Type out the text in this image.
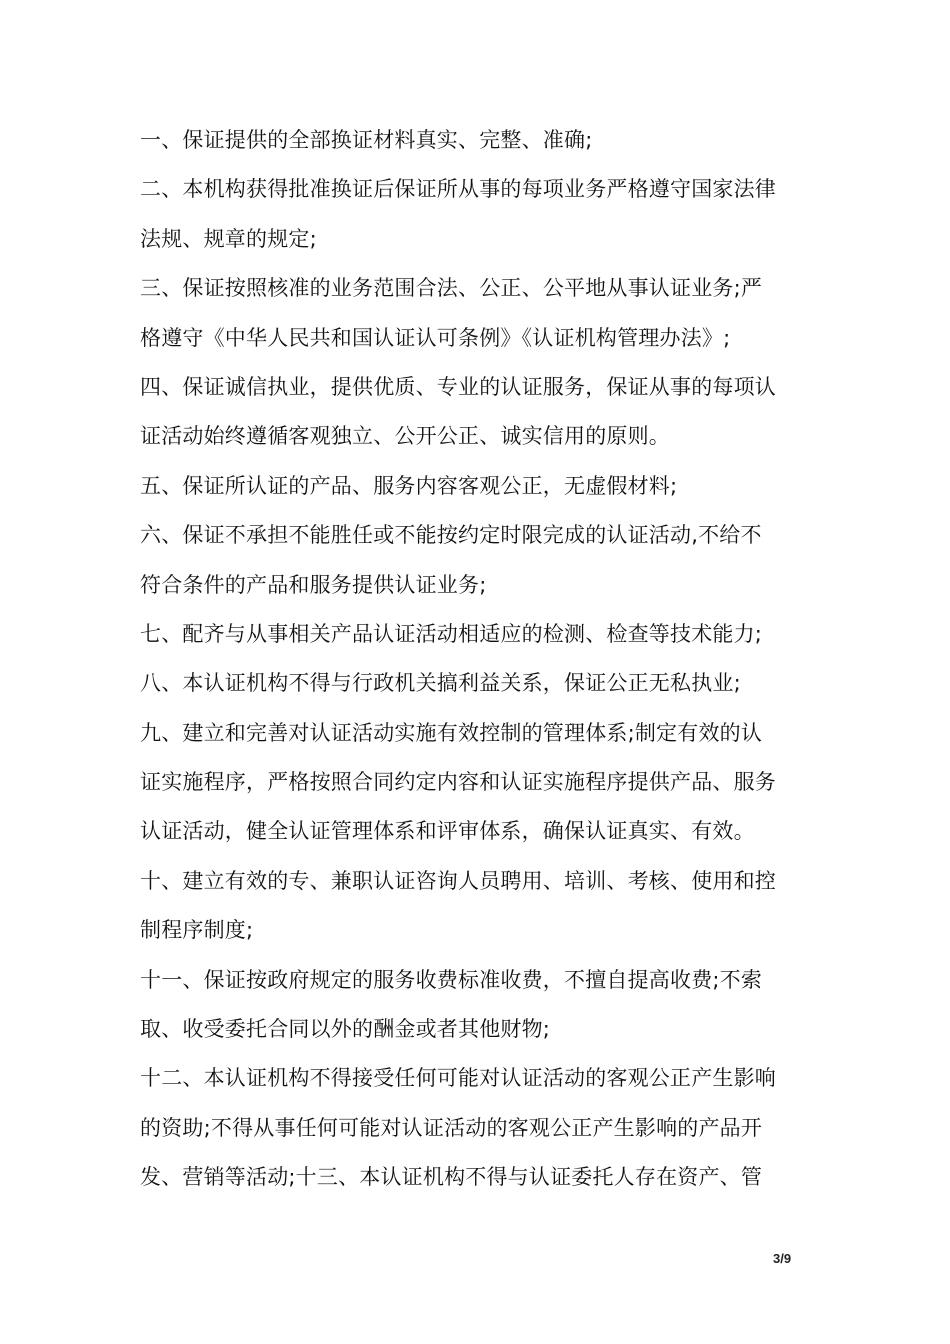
一、保证提供的全部换证材料真实、完整、准确;
二、本机构获得批准换证后保证所从事的每项业务严格遵守国家法律
法规、规章的规定;
三、保证按照核准的业务范围合法、公正、公平地从事认证业务;严
格遵守《中华人民共和国认证认可条例》《认证机构管理办法》;
四、保证诚信执业，提供优质、专业的认证服务，保证从事的每项认
证活动始终遵循客观独立、公开公正、诚实信用的原则。
五、保证所认证的产品、服务内容客观公正，无虚假材料;
六、保证不承担不能胜任或不能按约定时限完成的认证活动,不给不
符合条件的产品和服务提供认证业务;
七、配齐与从事相关产品认证活动相适应的检测、检查等技术能力;
八、本认证机构不得与行政机关搞利益关系，保证公正无私执业;
九、建立和完善对认证活动实施有效控制的管理体系;制定有效的认
证实施程序，严格按照合同约定内容和认证实施程序提供产品、服务
认证活动，健全认证管理体系和评审体系，确保认证真实、有效。
十、建立有效的专、兼职认证咨询人员聘用、培训、考核、使用和控
制程序制度;
十一、保证按政府规定的服务收费标准收费，不擅自提高收费;不索
取、收受委托合同以外的酬金或者其他财物;
十二、本认证机构不得接受任何可能对认证活动的客观公正产生影响
的资助;不得从事任何可能对认证活动的客观公正产生影响的产品开
发、营销等活动;十三、本认证机构不得与认证委托人存在资产、管
3/9
